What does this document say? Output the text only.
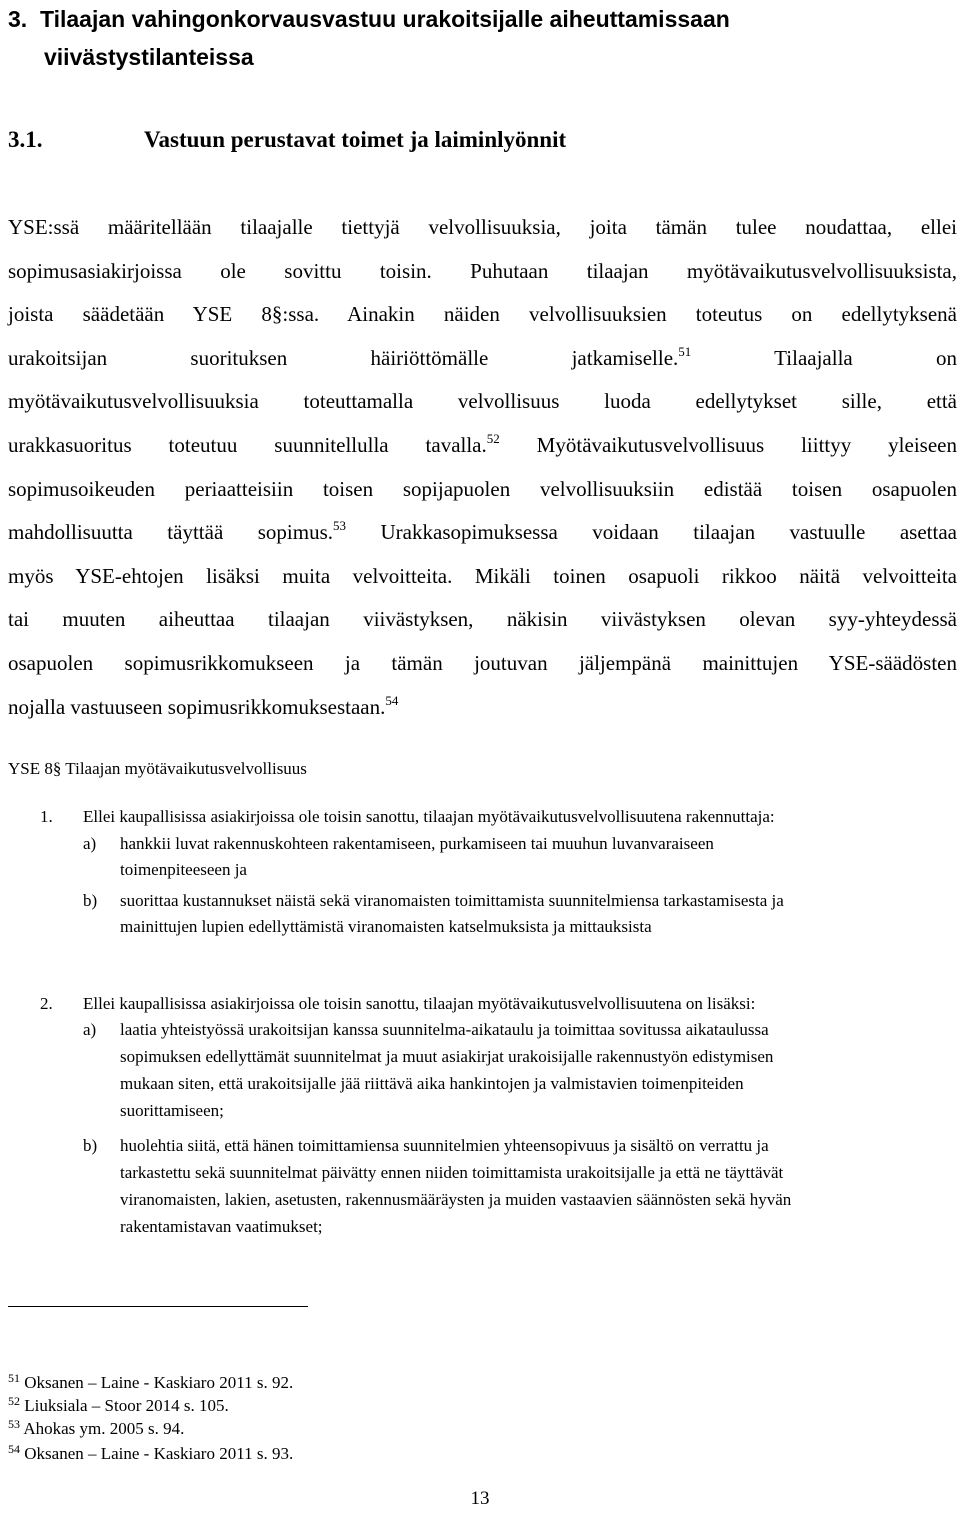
3. Tilaajan vahingonkorvausvastuu urakoitsijalle aiheuttamissaan
viivästystilanteissa
3.1.	Vastuun perustavat toimet ja laiminlyönnit
YSE:ssä määritellään tilaajalle tiettyjä velvollisuuksia, joita tämän tulee noudattaa, ellei
sopimusasiakirjoissa ole sovittu toisin. Puhutaan tilaajan myötävaikutusvelvollisuuksista,
joista säädetään YSE 8§:ssa. Ainakin näiden velvollisuuksien toteutus on edellytyksenä
urakoitsijan suorituksen häiriöttömälle jatkamiselle.$^{51}$ Tilaajalla on
myötävaikutusvelvollisuuksia toteuttamalla velvollisuus luoda edellytykset sille, että
urakkasuoritus toteutuu suunnitellulla tavalla.$^{52}$ Myötävaikutusvelvollisuus liittyy yleiseen
sopimusoikeuden periaatteisiin toisen sopijapuolen velvollisuuksiin edistää toisen osapuolen
mahdollisuutta täyttää sopimus.$^{53}$ Urakkasopimuksessa voidaan tilaajan vastuulle asettaa
myös YSE-ehtojen lisäksi muita velvoitteita. Mikäli toinen osapuoli rikkoo näitä velvoitteita
tai muuten aiheuttaa tilaajan viivästyksen, näkisin viivästyksen olevan syy-yhteydessä
osapuolen sopimusrikkomukseen ja tämän joutuvan jäljempänä mainittujen YSE-säädösten
nojalla vastuuseen sopimusrikkomuksestaan.$^{54}$
YSE 8§ Tilaajan myötävaikutusvelvollisuus
1.	Ellei kaupallisissa asiakirjoissa ole toisin sanottu, tilaajan myötävaikutusvelvollisuutena rakennuttaja:
a)	hankkii luvat rakennuskohteen rakentamiseen, purkamiseen tai muuhun luvanvaraiseen
toimenpiteeseen ja
b)	suorittaa kustannukset näistä sekä viranomaisten toimittamista suunnitelmiensa tarkastamisesta ja
mainittujen lupien edellyttämistä viranomaisten katselmuksista ja mittauksista
2.	Ellei kaupallisissa asiakirjoissa ole toisin sanottu, tilaajan myötävaikutusvelvollisuutena on lisäksi:
a)	laatia yhteistyössä urakoitsijan kanssa suunnitelma-aikataulu ja toimittaa sovitussa aikataulussa
sopimuksen edellyttämät suunnitelmat ja muut asiakirjat urakoisijalle rakennustyön edistymisen
mukaan siten, että urakoitsijalle jää riittävä aika hankintojen ja valmistavien toimenpiteiden
suorittamiseen;
b)	huolehtia siitä, että hänen toimittamiensa suunnitelmien yhteensopivuus ja sisältö on verrattu ja
tarkastettu sekä suunnitelmat päivätty ennen niiden toimittamista urakoitsijalle ja että ne täyttävät
viranomaisten, lakien, asetusten, rakennusmääräysten ja muiden vastaavien säännösten sekä hyvän
rakentamistavan vaatimukset;
$^{51}$ Oksanen – Laine - Kaskiaro 2011 s. 92.
$^{52}$ Liuksiala – Stoor 2014 s. 105.
$^{53}$ Ahokas ym. 2005 s. 94.
$^{54}$ Oksanen – Laine - Kaskiaro 2011 s. 93.
13
